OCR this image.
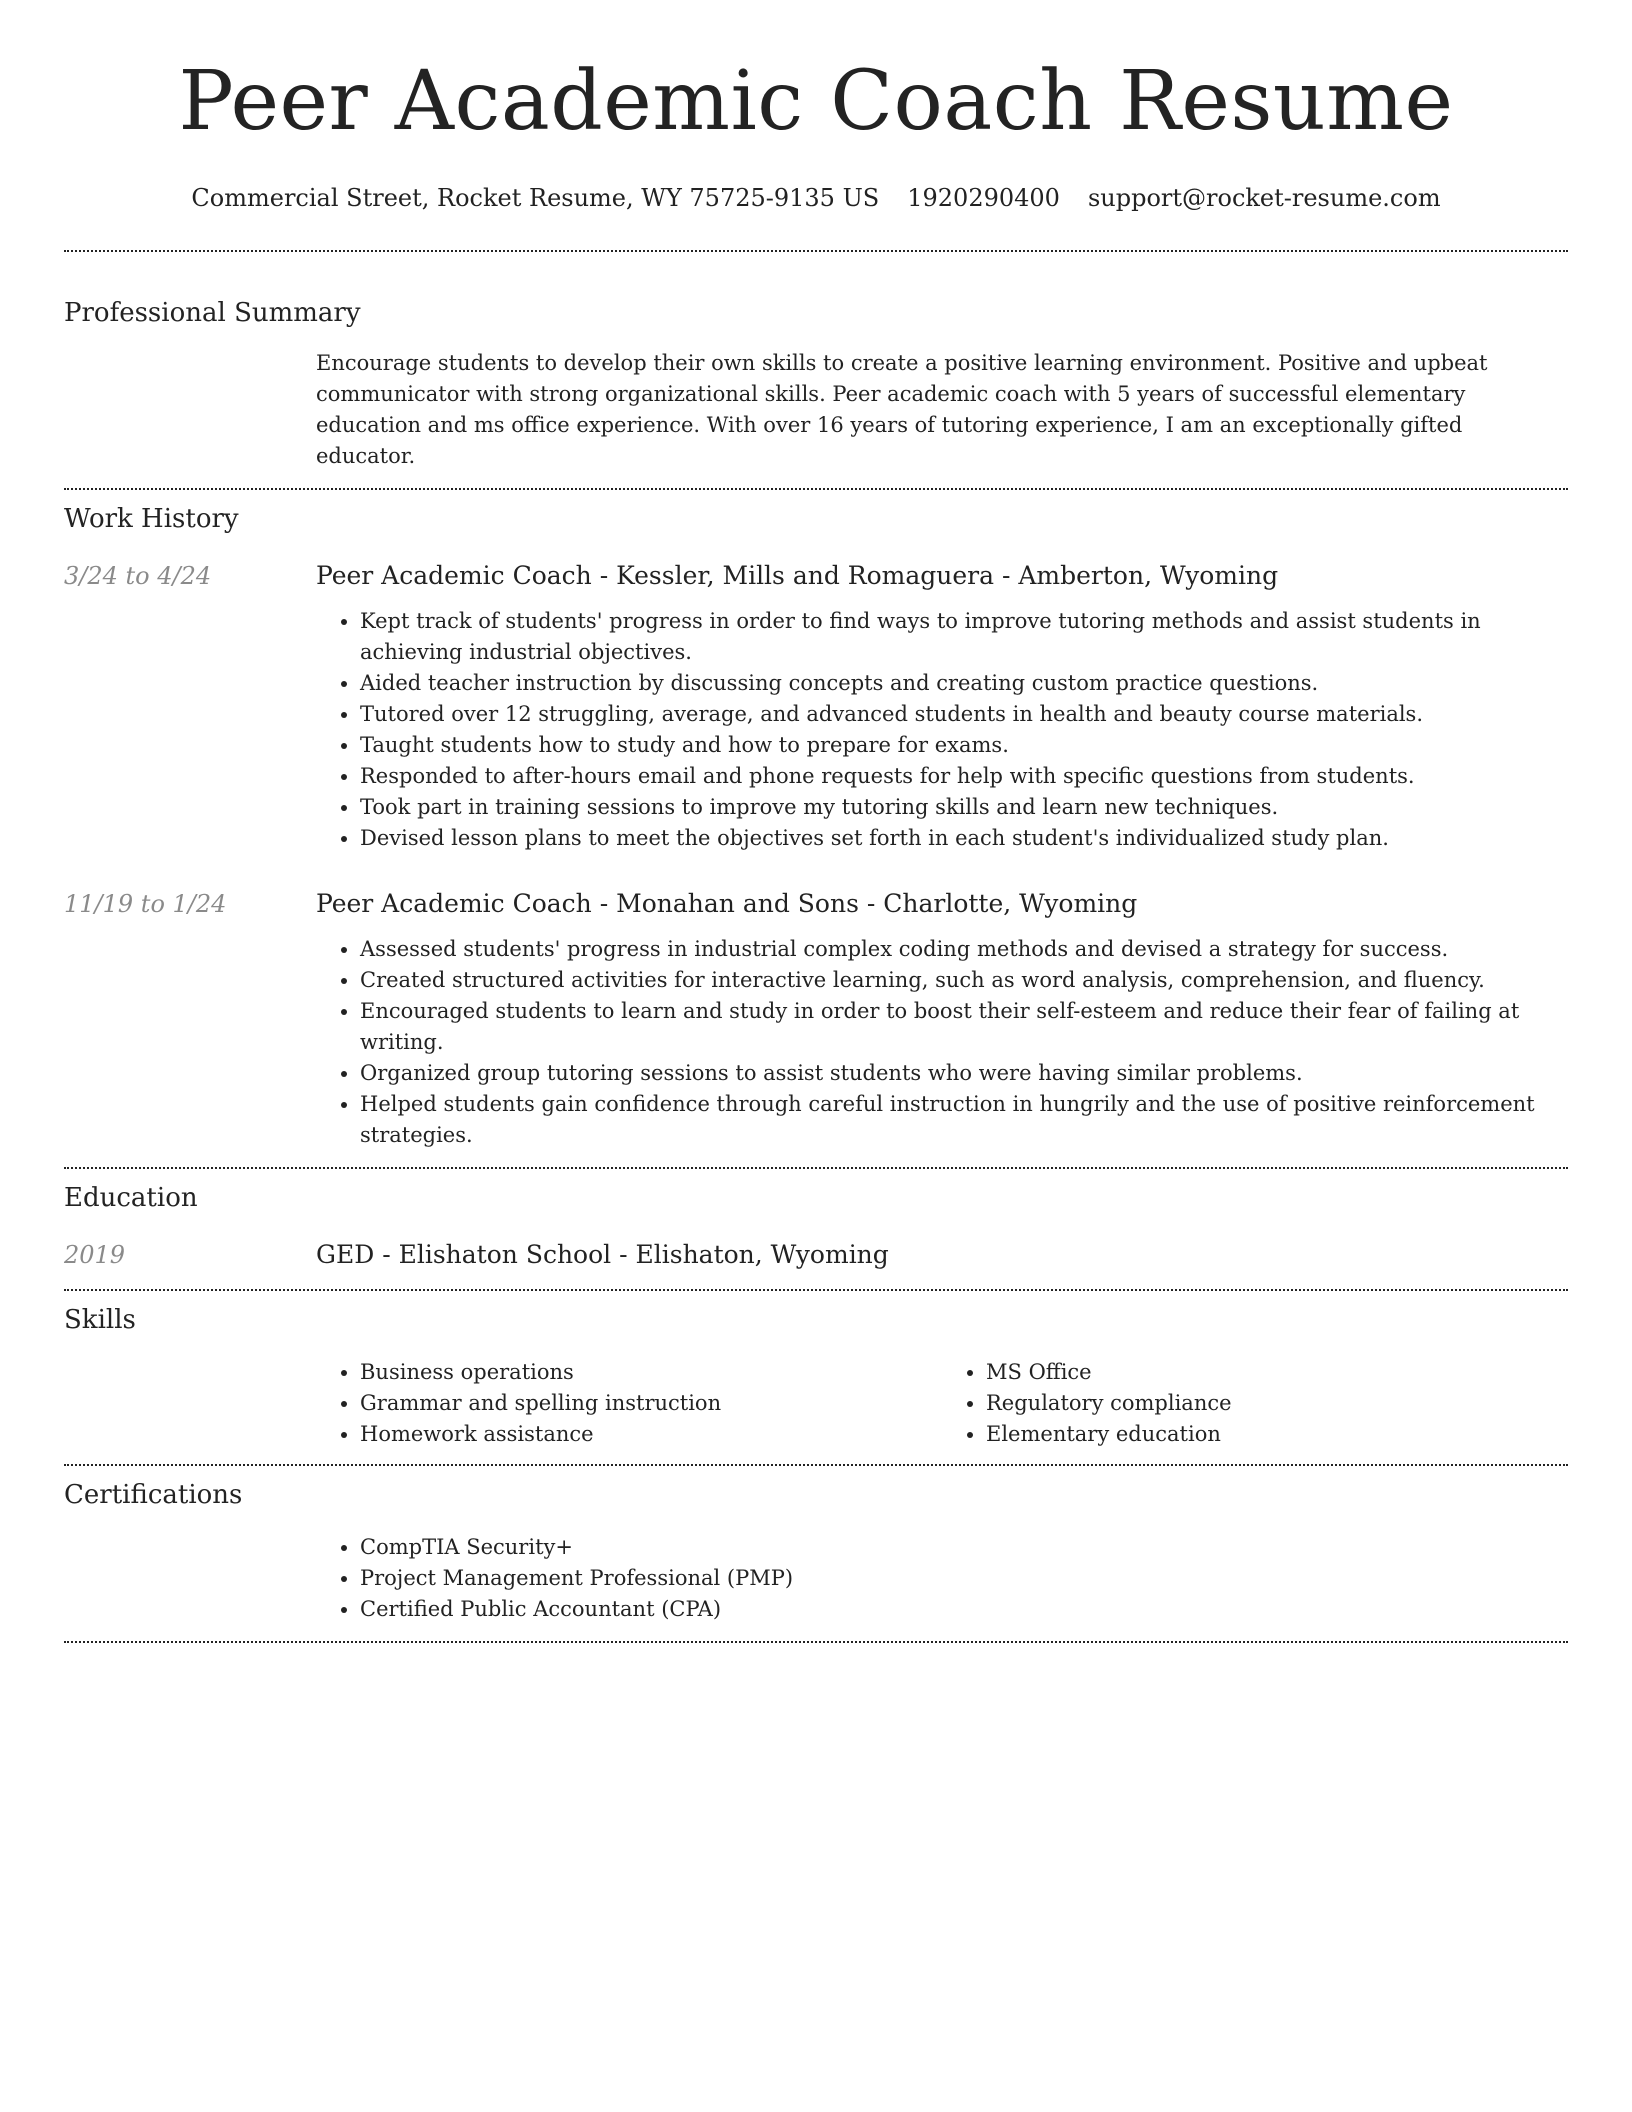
Peer Academic Coach Resume
Commercial Street, Rocket Resume, WY 75725-9135 US 1920290400 support@rocket-resume.com
Professional Summary

Encourage students to develop their own skills to create a positive learning environment. Positive and upbeat communicator with strong organizational skills. Peer academic coach with 5 years of successful elementary education and ms office experience. With over 16 years of tutoring experience, I am an exceptionally gifted educator.

Work History
3/24 to 4/24	Peer Academic Coach - Kessler, Mills and Romaguera - Amberton, Wyoming

• Kept track of students' progress in order to find ways to improve tutoring methods and assist students in achieving industrial objectives.
• Aided teacher instruction by discussing concepts and creating custom practice questions.
• Tutored over 12 struggling, average, and advanced students in health and beauty course materials.
• Taught students how to study and how to prepare for exams.
• Responded to after-hours email and phone requests for help with specific questions from students.
• Took part in training sessions to improve my tutoring skills and learn new techniques.
• Devised lesson plans to meet the objectives set forth in each student's individualized study plan.
11/19 to 1/24	Peer Academic Coach - Monahan and Sons - Charlotte, Wyoming

• Assessed students' progress in industrial complex coding methods and devised a strategy for success.
• Created structured activities for interactive learning, such as word analysis, comprehension, and fluency.
• Encouraged students to learn and study in order to boost their self-esteem and reduce their fear of failing at writing.
• Organized group tutoring sessions to assist students who were having similar problems.
• Helped students gain confidence through careful instruction in hungrily and the use of positive reinforcement strategies.
Education
2019	GED - Elishaton School - Elishaton, Wyoming

Skills
• Business operations
• Grammar and spelling instruction
• Homework assistance
• MS Office
• Regulatory compliance
• Elementary education
Certifications
• CompTIA Security+
• Project Management Professional (PMP)
• Certified Public Accountant (CPA)
